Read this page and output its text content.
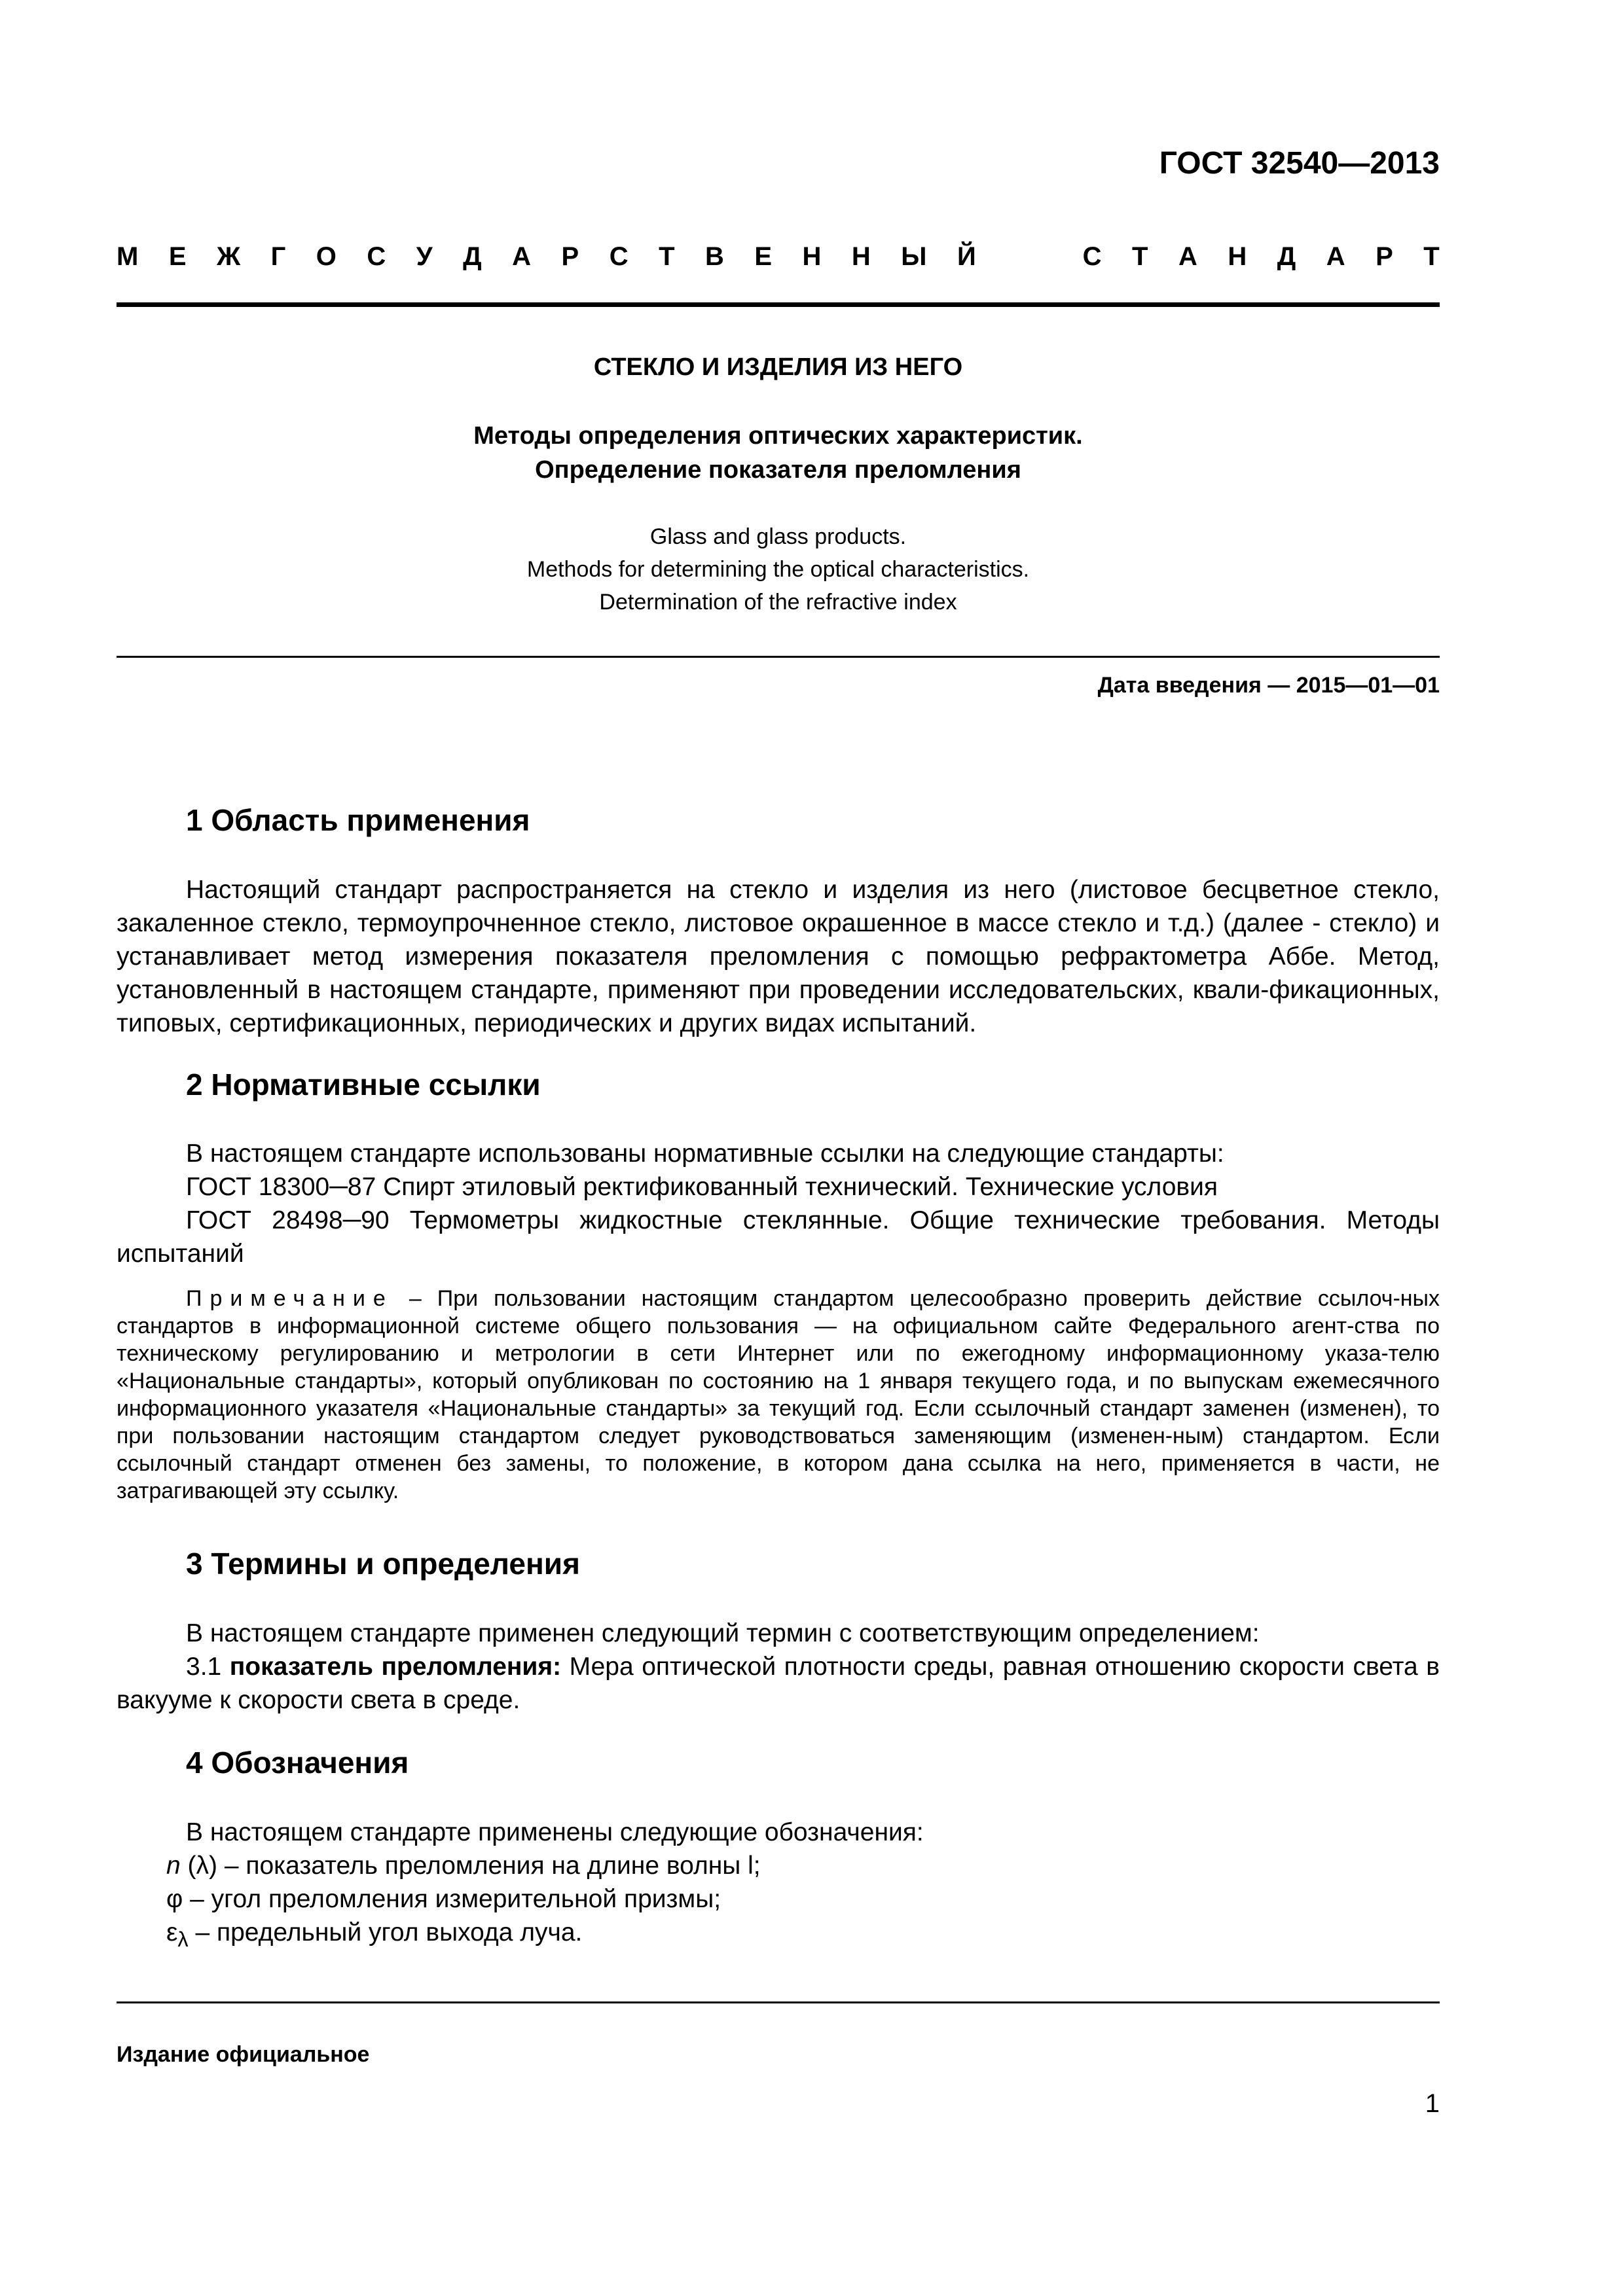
ГОСТ 32540—2013
М Е Ж Г О С У Д А Р С Т В Е Н Н Ы Й	С Т А Н Д А Р Т
СТЕКЛО И ИЗДЕЛИЯ ИЗ НЕГО
Методы определения оптических характеристик.
Определение показателя преломления
Glass and glass products.
Methods for determining the optical characteristics.
Determination of the refractive index
Дата введения — 2015—01—01
1 Область применения

Настоящий стандарт распространяется на стекло и изделия из него (листовое бесцветное стекло, закаленное стекло, термоупрочненное стекло, листовое окрашенное в массе стекло и т.д.) (далее - стекло) и устанавливает метод измерения показателя преломления с помощью рефрактометра Аббе. Метод, установленный в настоящем стандарте, применяют при проведении исследовательских, квали-фикационных, типовых, сертификационных, периодических и других видах испытаний.

2 Нормативные ссылки

В настоящем стандарте использованы нормативные ссылки на следующие стандарты:

ГОСТ 18300─87 Спирт этиловый ректификованный технический. Технические условия

ГОСТ 28498─90 Термометры жидкостные стеклянные. Общие технические требования. Методы испытаний

Примечание – При пользовании настоящим стандартом целесообразно проверить действие ссылоч-ных стандартов в информационной системе общего пользования — на официальном сайте Федерального агент-ства по техническому регулированию и метрологии в сети Интернет или по ежегодному информационному указа-телю «Национальные стандарты», который опубликован по состоянию на 1 января текущего года, и по выпускам ежемесячного информационного указателя «Национальные стандарты» за текущий год. Если ссылочный стандарт заменен (изменен), то при пользовании настоящим стандартом следует руководствоваться заменяющим (изменен-ным) стандартом. Если ссылочный стандарт отменен без замены, то положение, в котором дана ссылка на него, применяется в части, не затрагивающей эту ссылку.
3 Термины и определения

В настоящем стандарте применен следующий термин с соответствующим определением:

3.1 показатель преломления: Мера оптической плотности среды, равная отношению скорости света в вакууме к скорости света в среде.

4 Обозначения
В настоящем стандарте применены следующие обозначения:
n (λ) – показатель преломления на длине волны l;
φ – угол преломления измерительной призмы;
$\varepsilon_\lambda$ – предельный угол выхода луча.
Издание официальное
1
